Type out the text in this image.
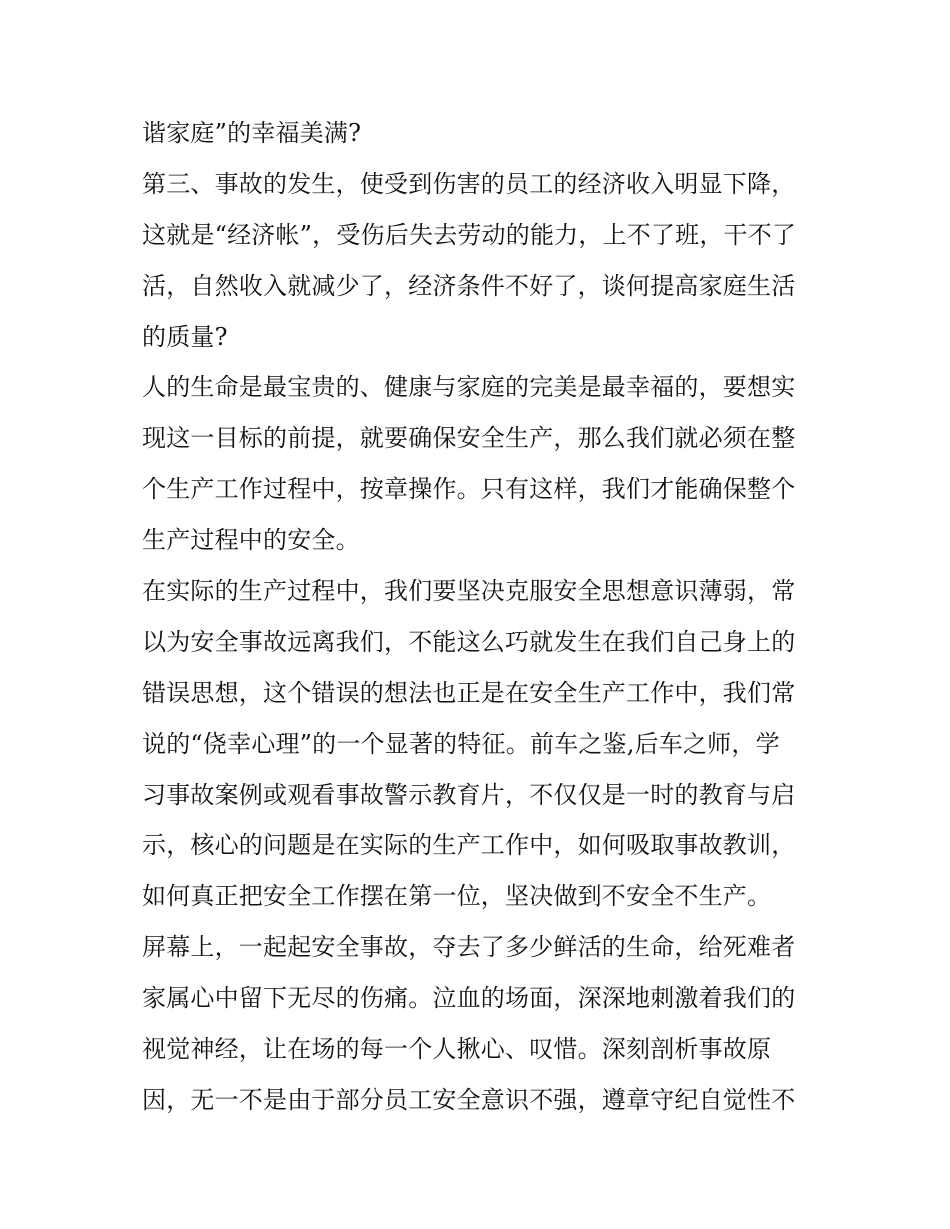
谐家庭”的幸福美满?
第三、事故的发生，使受到伤害的员工的经济收入明显下降，
这就是“经济帐”，受伤后失去劳动的能力，上不了班，干不了
活，自然收入就减少了，经济条件不好了，谈何提高家庭生活
的质量?
人的生命是最宝贵的、健康与家庭的完美是最幸福的，要想实
现这一目标的前提，就要确保安全生产，那么我们就必须在整
个生产工作过程中，按章操作。只有这样，我们才能确保整个
生产过程中的安全。
在实际的生产过程中，我们要坚决克服安全思想意识薄弱，常
以为安全事故远离我们，不能这么巧就发生在我们自己身上的
错误思想，这个错误的想法也正是在安全生产工作中，我们常
说的“侥幸心理”的一个显著的特征。前车之鉴,后车之师，学
习事故案例或观看事故警示教育片，不仅仅是一时的教育与启
示，核心的问题是在实际的生产工作中，如何吸取事故教训，
如何真正把安全工作摆在第一位，坚决做到不安全不生产。
屏幕上，一起起安全事故，夺去了多少鲜活的生命，给死难者
家属心中留下无尽的伤痛。泣血的场面，深深地刺激着我们的
视觉神经，让在场的每一个人揪心、叹惜。深刻剖析事故原
因，无一不是由于部分员工安全意识不强，遵章守纪自觉性不
